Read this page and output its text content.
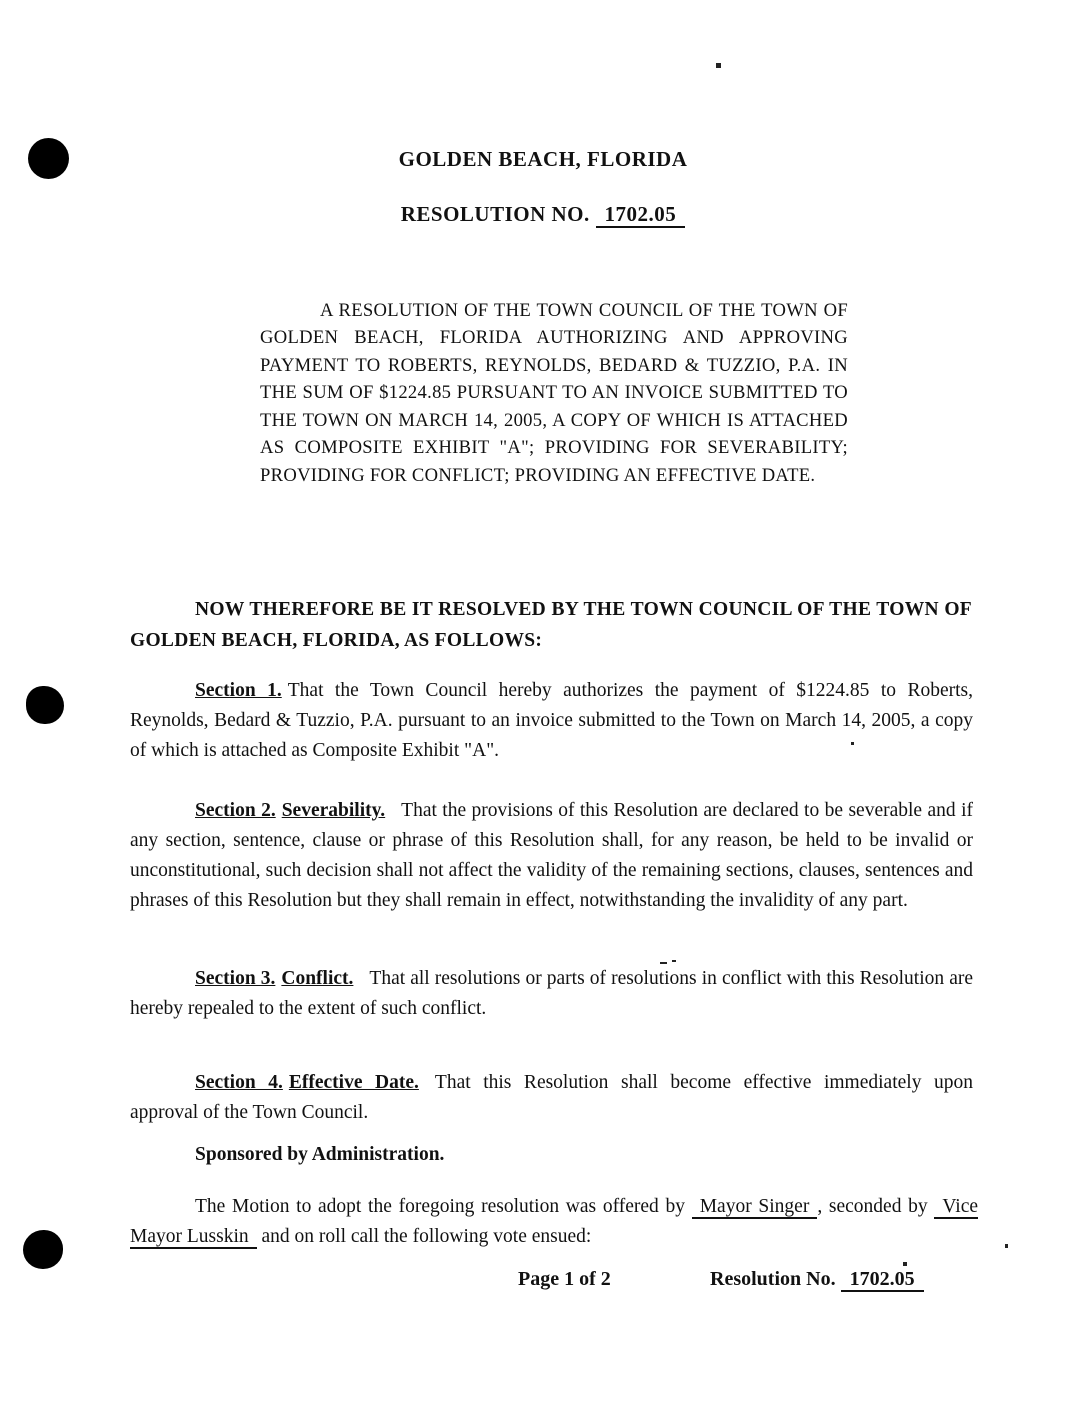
GOLDEN BEACH, FLORIDA
RESOLUTION NO. 1702.05

A RESOLUTION OF THE TOWN COUNCIL OF THE TOWN OF GOLDEN BEACH, FLORIDA AUTHORIZING AND APPROVING PAYMENT TO ROBERTS, REYNOLDS, BEDARD & TUZZIO, P.A. IN THE SUM OF $1224.85 PURSUANT TO AN INVOICE SUBMITTED TO THE TOWN ON MARCH 14, 2005, A COPY OF WHICH IS ATTACHED AS COMPOSITE EXHIBIT "A"; PROVIDING FOR SEVERABILITY; PROVIDING FOR CONFLICT; PROVIDING AN EFFECTIVE DATE.

NOW THEREFORE BE IT RESOLVED BY THE TOWN COUNCIL OF THE TOWN OF GOLDEN BEACH, FLORIDA, AS FOLLOWS:

Section 1. That the Town Council hereby authorizes the payment of $1224.85 to Roberts, Reynolds, Bedard & Tuzzio, P.A. pursuant to an invoice submitted to the Town on March 14, 2005, a copy of which is attached as Composite Exhibit "A".

Section 2. Severability. That the provisions of this Resolution are declared to be severable and if any section, sentence, clause or phrase of this Resolution shall, for any reason, be held to be invalid or unconstitutional, such decision shall not affect the validity of the remaining sections, clauses, sentences and phrases of this Resolution but they shall remain in effect, notwithstanding the invalidity of any part.

Section 3. Conflict. That all resolutions or parts of resolutions in conflict with this Resolution are hereby repealed to the extent of such conflict.

Section 4. Effective Date. That this Resolution shall become effective immediately upon approval of the Town Council.

Sponsored by Administration.

The Motion to adopt the foregoing resolution was offered by Mayor Singer , seconded by Vice Mayor Lusskin and on roll call the following vote ensued:

Page 1 of 2	Resolution No. 1702.05
